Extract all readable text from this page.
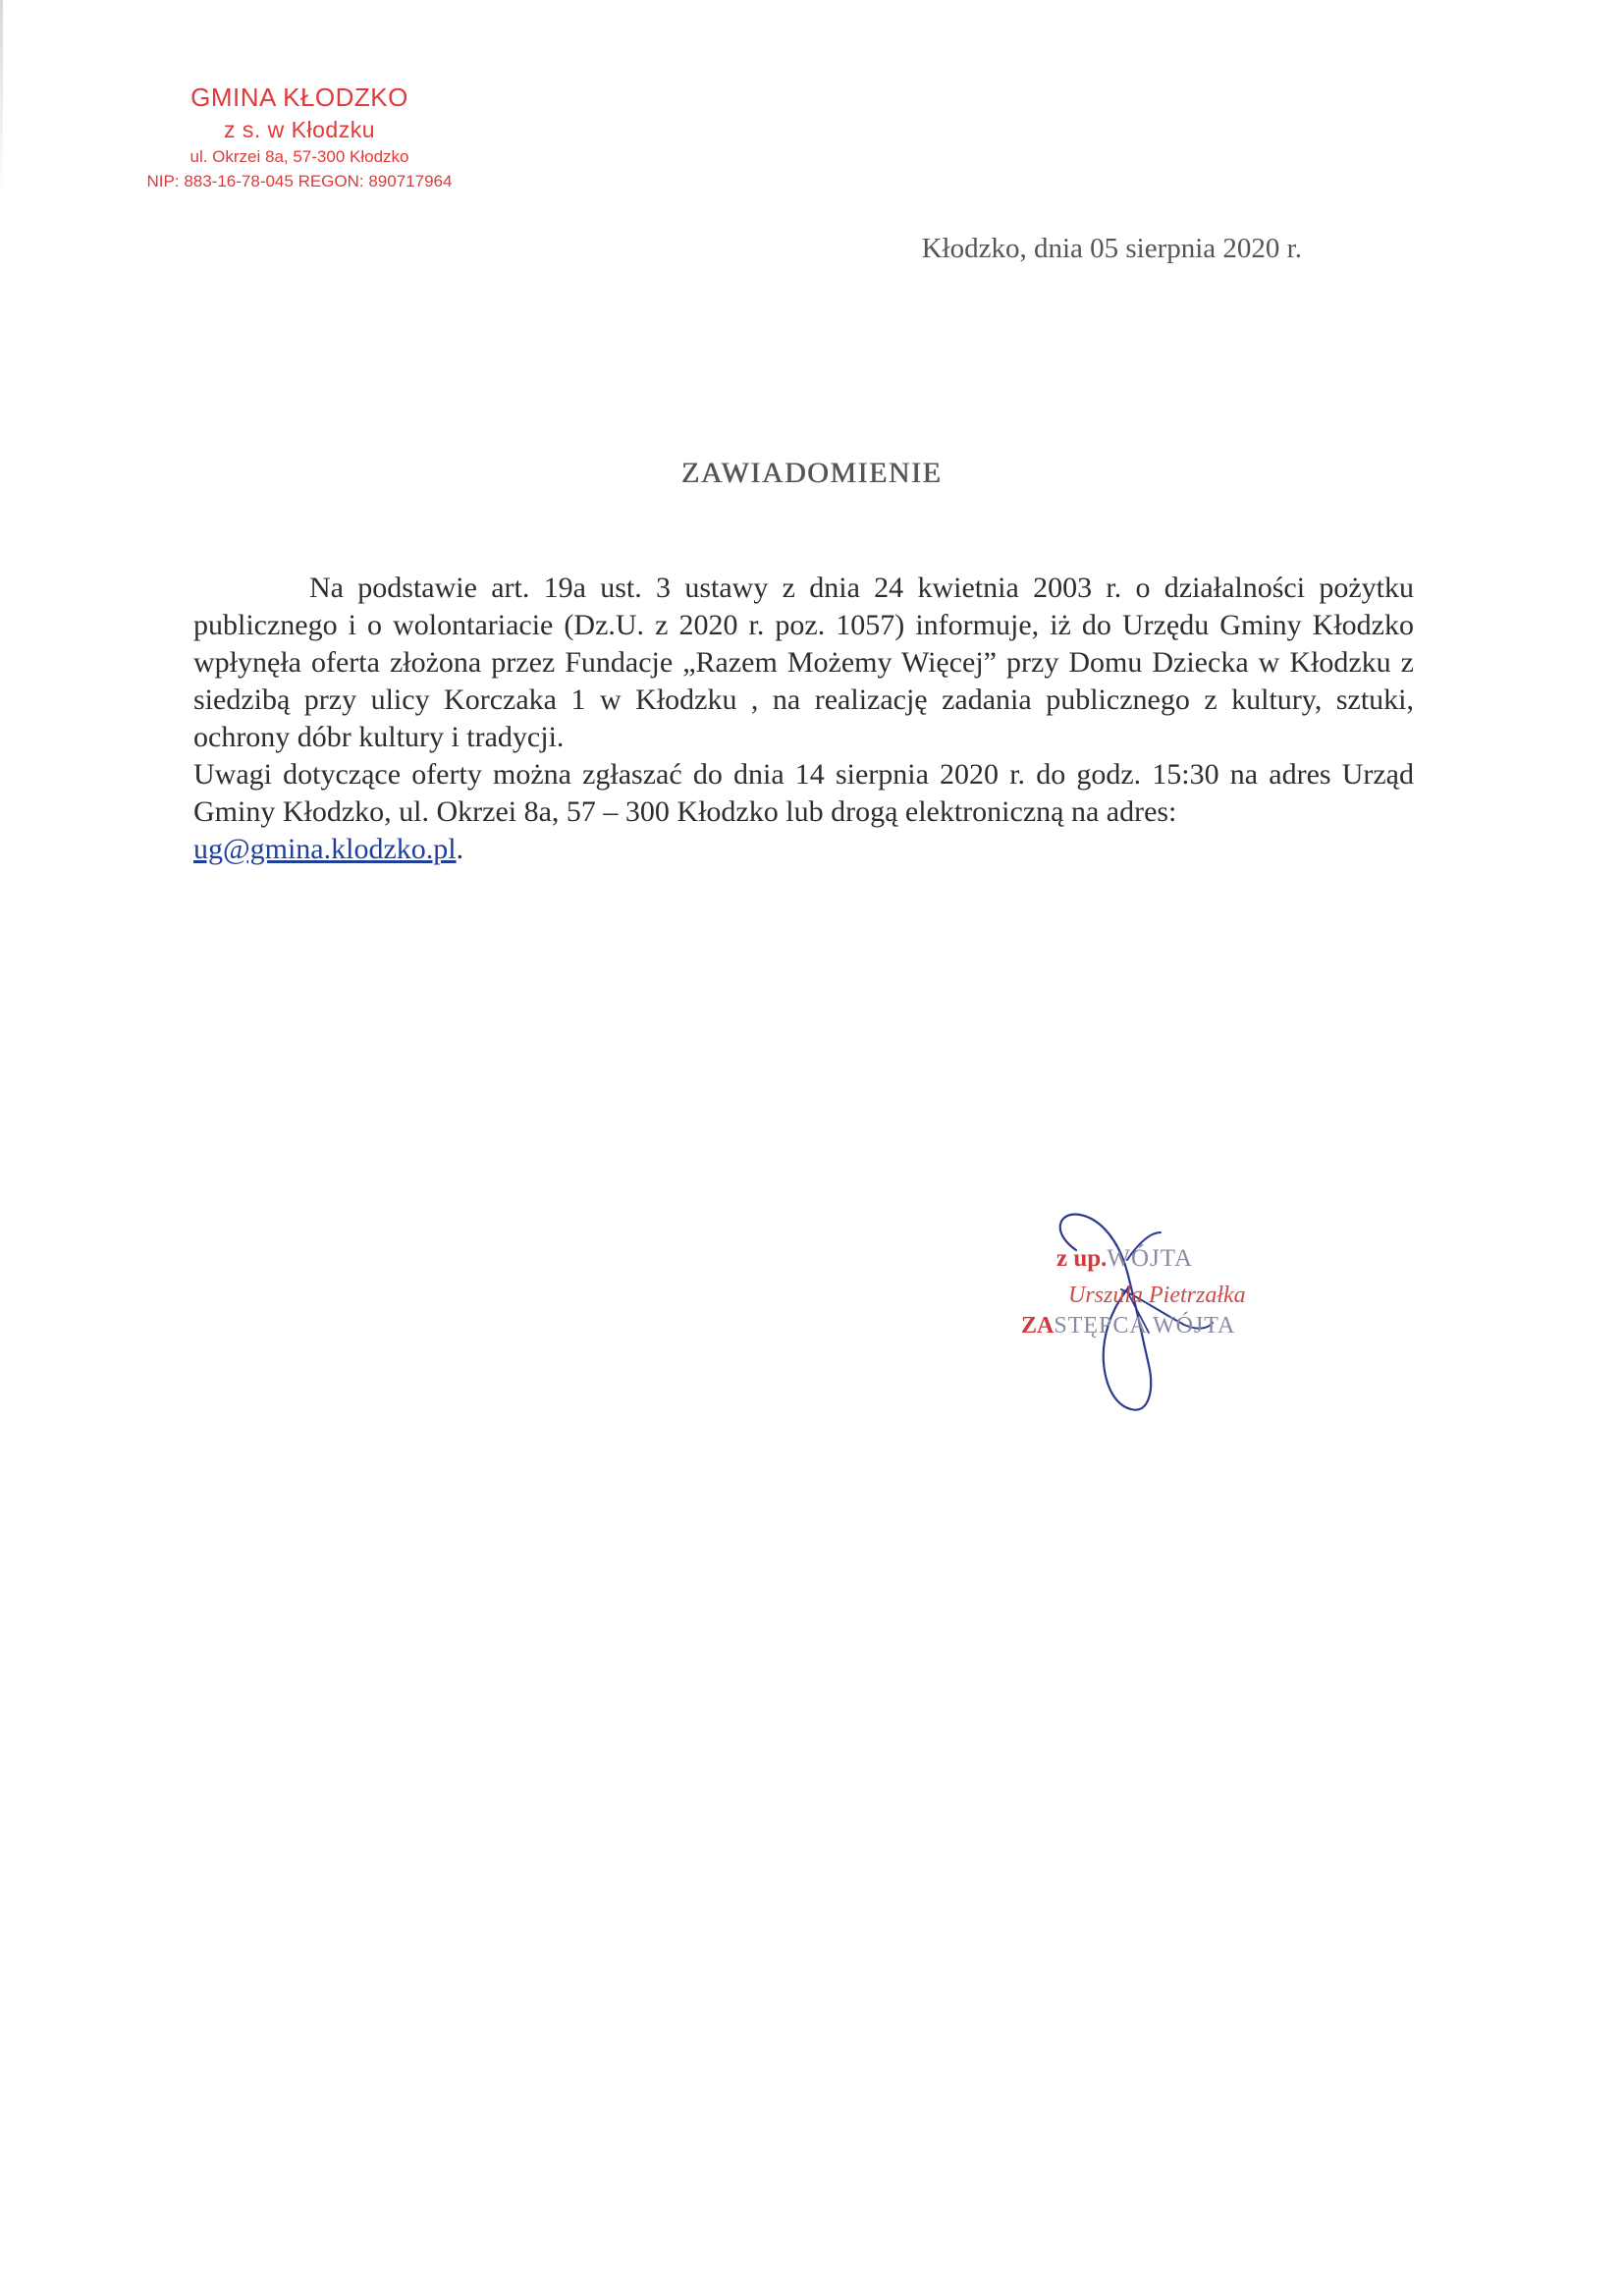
GMINA KŁODZKO
z s. w Kłodzku
ul. Okrzei 8a, 57-300 Kłodzko
NIP: 883-16-78-045 REGON: 890717964
Kłodzko, dnia 05 sierpnia 2020 r.
ZAWIADOMIENIE

Na podstawie art. 19a ust. 3 ustawy z dnia 24 kwietnia 2003 r. o działalności pożytku publicznego i o wolontariacie (Dz.U. z 2020 r. poz. 1057) informuje, iż do Urzędu Gminy Kłodzko wpłynęła oferta złożona przez Fundacje „Razem Możemy Więcej” przy Domu Dziecka w Kłodzku z siedzibą przy ulicy Korczaka 1 w Kłodzku , na realizację zadania publicznego z kultury, sztuki, ochrony dóbr kultury i tradycji.

Uwagi dotyczące oferty można zgłaszać do dnia 14 sierpnia 2020 r. do godz. 15:30 na adres Urząd Gminy Kłodzko, ul. Okrzei 8a, 57 – 300 Kłodzko lub drogą elektroniczną na adres:
ug@gmina.klodzko.pl.

z up.WÓJTA
Urszula Pietrzałka
ZASTĘPCA WÓJTA
